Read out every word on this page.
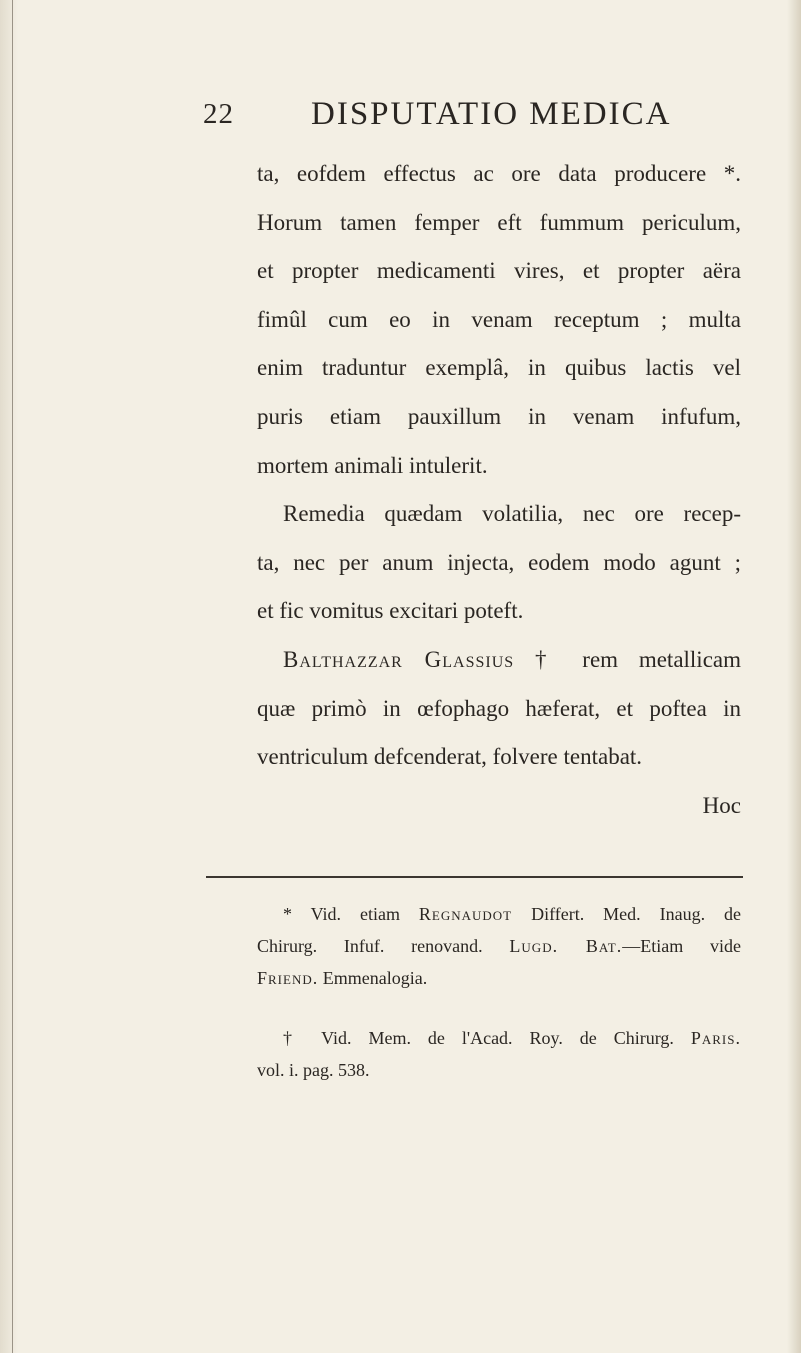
22 DISPUTATIO MEDICA
ta, eofdem effectus ac ore data producere *.
Horum tamen femper eft fummum periculum,
et propter medicamenti vires, et propter aëra
fimûl cum eo in venam receptum ; multa
enim traduntur exemplâ, in quibus lactis vel
puris etiam pauxillum in venam infufum,
mortem animali intulerit.
Remedia quædam volatilia, nec ore recep-
ta, nec per anum injecta, eodem modo agunt ;
et fic vomitus excitari poteft.
Balthazzar Glassius † rem metallicam
quæ primò in œfophago hæferat, et poftea in
ventriculum defcenderat, folvere tentabat.
Hoc
* Vid. etiam Regnaudot Differt. Med. Inaug. de
Chirurg. Infuf. renovand. Lugd. Bat.—Etiam vide
Friend. Emmenalogia.
† Vid. Mem. de l'Acad. Roy. de Chirurg. Paris.
vol. i. pag. 538.
